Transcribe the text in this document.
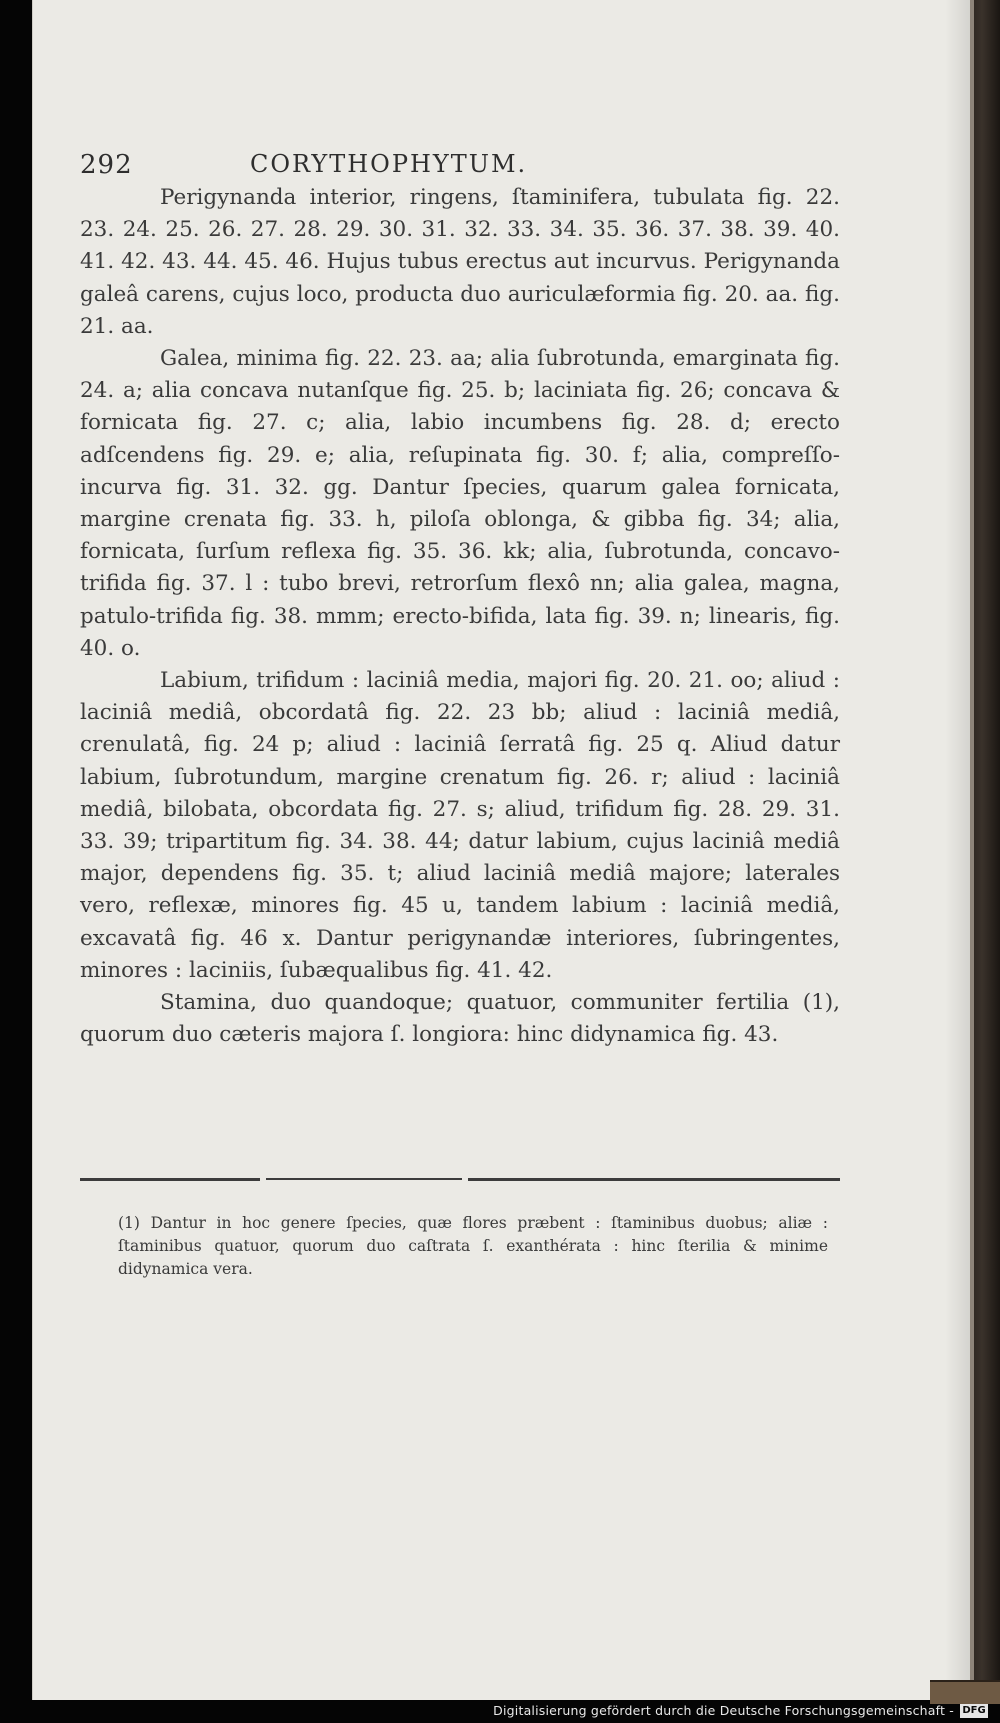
292	CORYTHOPHYTUM.

Perigynanda interior, ringens, ſtaminifera, tubulata fig. 22. 23. 24. 25. 26. 27. 28. 29. 30. 31. 32. 33. 34. 35. 36. 37. 38. 39. 40. 41. 42. 43. 44. 45. 46. Hujus tubus erectus aut incurvus. Perigynanda galeâ carens, cujus loco, producta duo auriculæformia fig. 20. aa. fig. 21. aa.

Galea, minima fig. 22. 23. aa; alia ſubrotunda, emarginata fig. 24. a; alia concava nutanſque fig. 25. b; laciniata fig. 26; concava & fornicata fig. 27. c; alia, labio incumbens fig. 28. d; erecto adſcendens fig. 29. e; alia, reſupinata fig. 30. f; alia, compreſſo-incurva fig. 31. 32. gg. Dantur ſpecies, quarum galea fornicata, margine crenata fig. 33. h, piloſa oblonga, & gibba fig. 34; alia, fornicata, ſurſum reflexa fig. 35. 36. kk; alia, ſubrotunda, concavo-trifida fig. 37. l : tubo brevi, retrorſum flexô nn; alia galea, magna, patulo-trifida fig. 38. mmm; erecto-bifida, lata fig. 39. n; linearis, fig. 40. o.

Labium, trifidum : laciniâ media, majori fig. 20. 21. oo; aliud : laciniâ mediâ, obcordatâ fig. 22. 23 bb; aliud : laciniâ mediâ, crenulatâ, fig. 24 p; aliud : laciniâ ſerratâ fig. 25 q. Aliud datur labium, ſubrotundum, margine crenatum fig. 26. r; aliud : laciniâ mediâ, bilobata, obcordata fig. 27. s; aliud, trifidum fig. 28. 29. 31. 33. 39; tripartitum fig. 34. 38. 44; datur labium, cujus laciniâ mediâ major, dependens fig. 35. t; aliud laciniâ mediâ majore; laterales vero, reflexæ, minores fig. 45 u, tandem labium : laciniâ mediâ, excavatâ fig. 46 x. Dantur perigynandæ interiores, ſubringentes, minores : laciniis, ſubæqualibus fig. 41. 42.

Stamina, duo quandoque; quatuor, communiter fertilia (1), quorum duo cæteris majora ſ. longiora: hinc didynamica fig. 43.

(1) Dantur in hoc genere ſpecies, quæ flores præbent : ſtaminibus duobus; aliæ : ſtaminibus quatuor, quorum duo caſtrata ſ. exanthérata : hinc ſterilia & minime didynamica vera.
Digitalisierung gefördert durch die Deutsche Forschungsgemeinschaft - DFG
